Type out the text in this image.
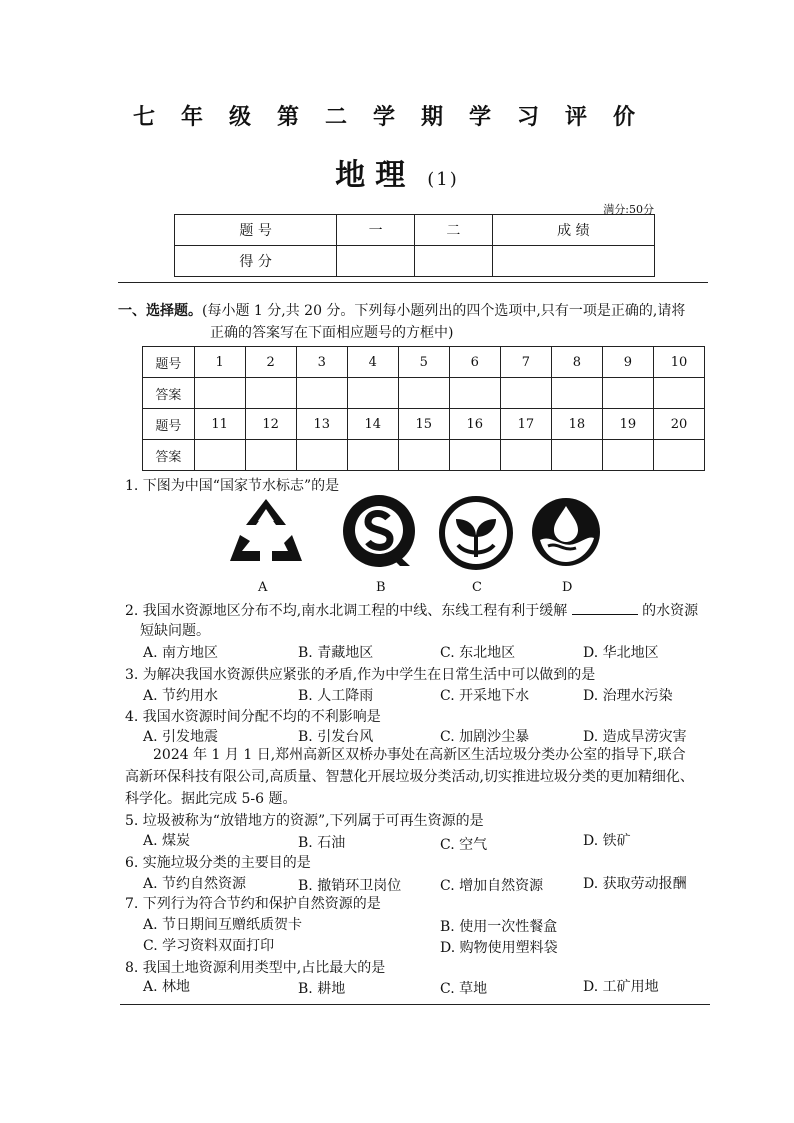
七年级第二学期学习评价
地理 (1)
满分:50分
题 号	一	二	成 绩
得 分			
一、选择题。(每小题 1 分,共 20 分。下列每小题列出的四个选项中,只有一项是正确的,请将
正确的答案写在下面相应题号的方框中)
题号	1	2	3	4	5	6	7	8	9	10
答案										
题号	11	12	13	14	15	16	17	18	19	20
答案										
1. 下图为中国“国家节水标志”的是
A	B	C	D
2. 我国水资源地区分布不均,南水北调工程的中线、东线工程有利于缓解	的水资源
短缺问题。
A. 南方地区	B. 青藏地区	C. 东北地区	D. 华北地区
3. 为解决我国水资源供应紧张的矛盾,作为中学生在日常生活中可以做到的是
A. 节约用水	B. 人工降雨	C. 开采地下水	D. 治理水污染
4. 我国水资源时间分配不均的不利影响是
A. 引发地震	B. 引发台风	C. 加剧沙尘暴	D. 造成旱涝灾害
2024 年 1 月 1 日,郑州高新区双桥办事处在高新区生活垃圾分类办公室的指导下,联合
高新环保科技有限公司,高质量、智慧化开展垃圾分类活动,切实推进垃圾分类的更加精细化、
科学化。据此完成 5-6 题。
5. 垃圾被称为“放错地方的资源”,下列属于可再生资源的是
A. 煤炭	B. 石油	C. 空气	D. 铁矿
6. 实施垃圾分类的主要目的是
A. 节约自然资源	B. 撤销环卫岗位	C. 增加自然资源	D. 获取劳动报酬
7. 下列行为符合节约和保护自然资源的是
A. 节日期间互赠纸质贺卡	B. 使用一次性餐盒
C. 学习资料双面打印	D. 购物使用塑料袋
8. 我国土地资源利用类型中,占比最大的是
A. 林地	B. 耕地	C. 草地	D. 工矿用地
